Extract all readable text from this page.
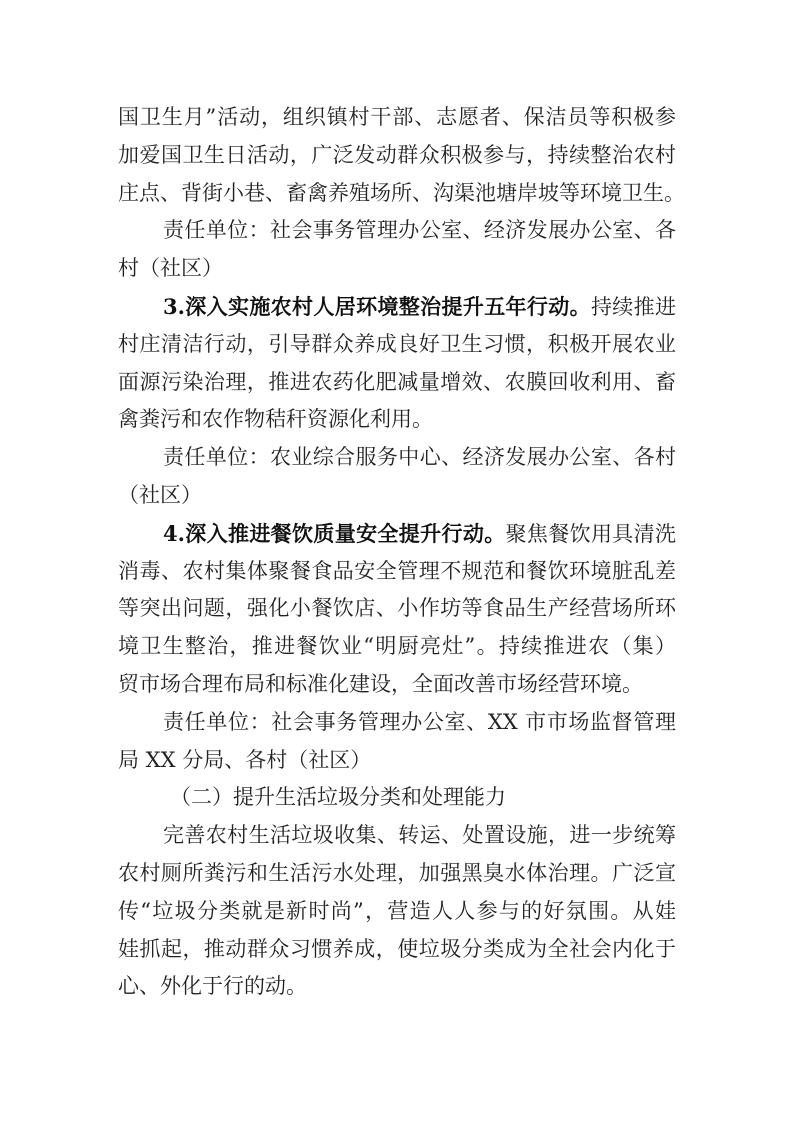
国卫生月”活动，组织镇村干部、志愿者、保洁员等积极参
加爱国卫生日活动，广泛发动群众积极参与，持续整治农村
庄点、背街小巷、畜禽养殖场所、沟渠池塘岸坡等环境卫生。
责任单位：社会事务管理办公室、经济发展办公室、各
村（社区）
3.深入实施农村人居环境整治提升五年行动。持续推进
村庄清洁行动，引导群众养成良好卫生习惯，积极开展农业
面源污染治理，推进农药化肥减量增效、农膜回收利用、畜
禽粪污和农作物秸秆资源化利用。
责任单位：农业综合服务中心、经济发展办公室、各村
（社区）
4.深入推进餐饮质量安全提升行动。聚焦餐饮用具清洗
消毒、农村集体聚餐食品安全管理不规范和餐饮环境脏乱差
等突出问题，强化小餐饮店、小作坊等食品生产经营场所环
境卫生整治，推进餐饮业“明厨亮灶”。持续推进农（集）
贸市场合理布局和标准化建设，全面改善市场经营环境。
责任单位：社会事务管理办公室、XX 市市场监督管理
局 XX 分局、各村（社区）
（二）提升生活垃圾分类和处理能力
完善农村生活垃圾收集、转运、处置设施，进一步统筹
农村厕所粪污和生活污水处理，加强黑臭水体治理。广泛宣
传“垃圾分类就是新时尚”，营造人人参与的好氛围。从娃
娃抓起，推动群众习惯养成，使垃圾分类成为全社会内化于
心、外化于行的动。
